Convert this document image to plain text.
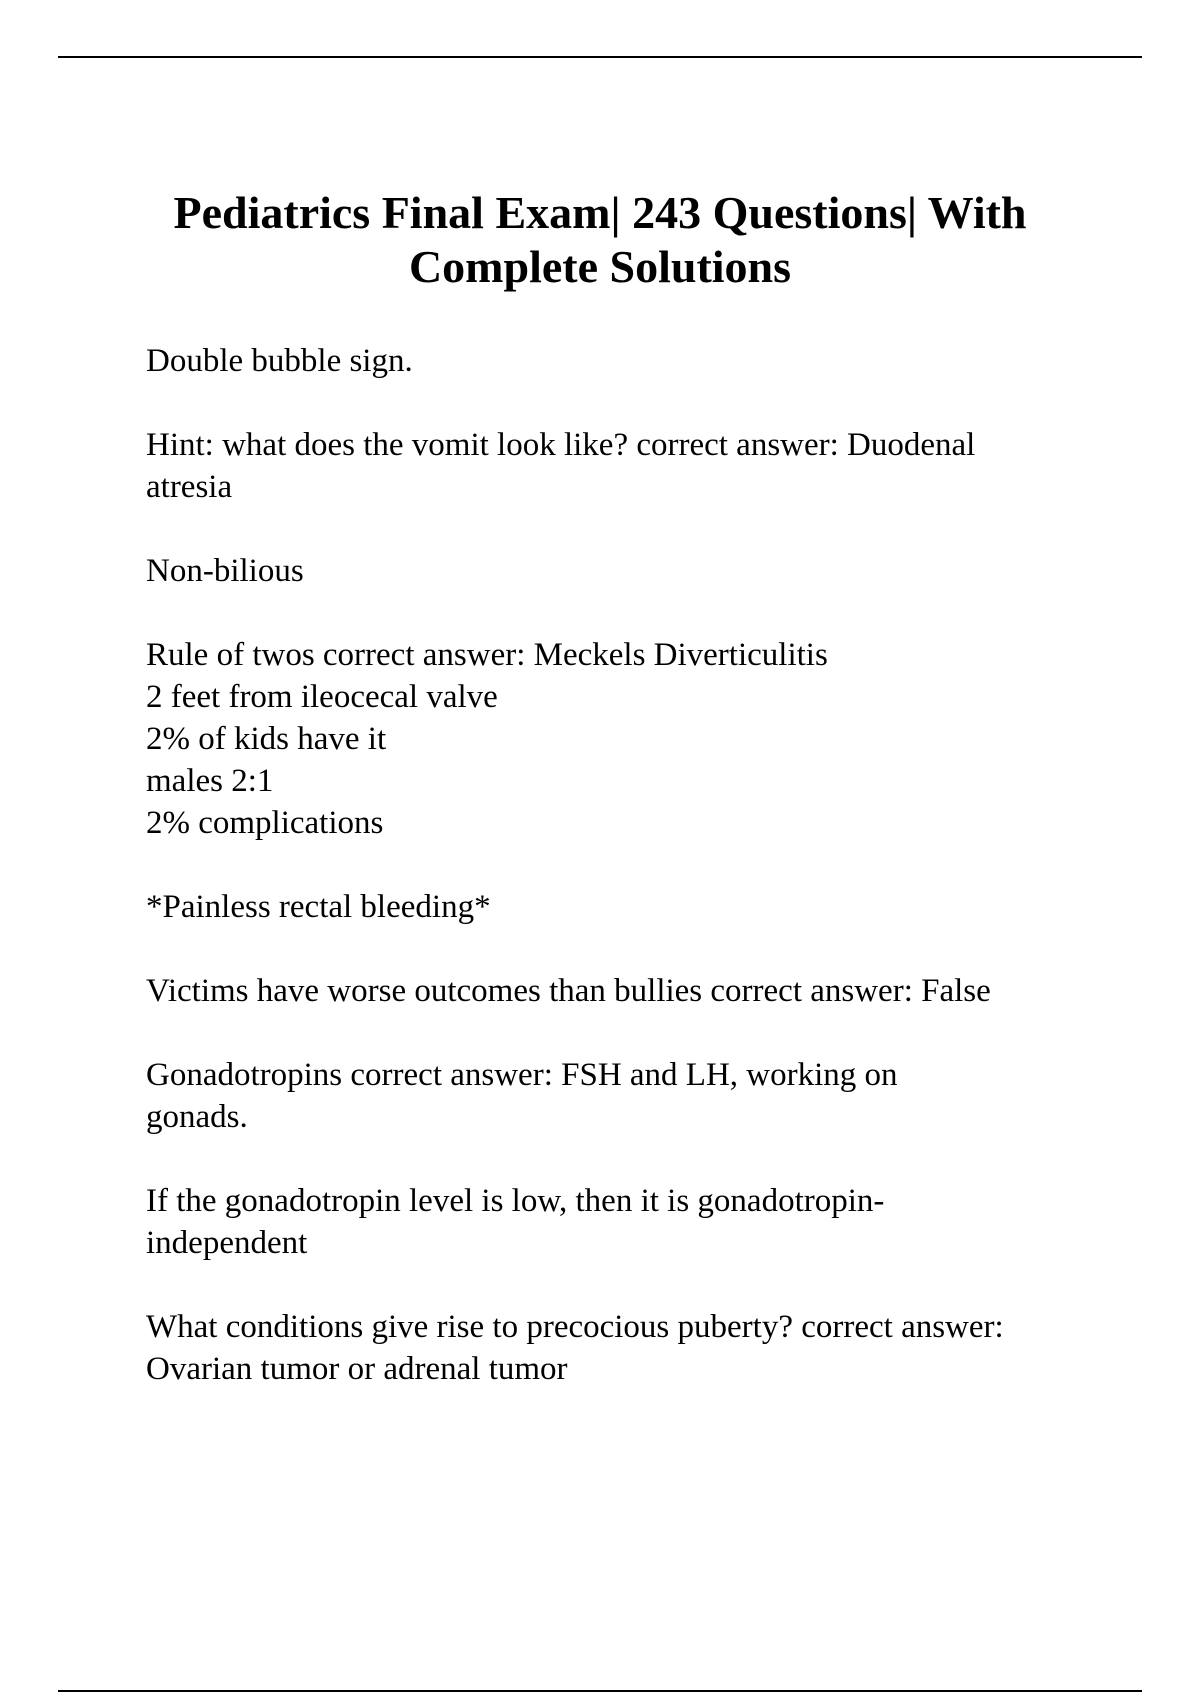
Pediatrics Final Exam| 243 Questions| With
Complete Solutions

Double bubble sign.

Hint: what does the vomit look like? correct answer: Duodenal
atresia

Non-bilious

Rule of twos correct answer: Meckels Diverticulitis
2 feet from ileocecal valve
2% of kids have it
males 2:1
2% complications

*Painless rectal bleeding*

Victims have worse outcomes than bullies correct answer: False

Gonadotropins correct answer: FSH and LH, working on
gonads.

If the gonadotropin level is low, then it is gonadotropin-
independent

What conditions give rise to precocious puberty? correct answer:
Ovarian tumor or adrenal tumor
